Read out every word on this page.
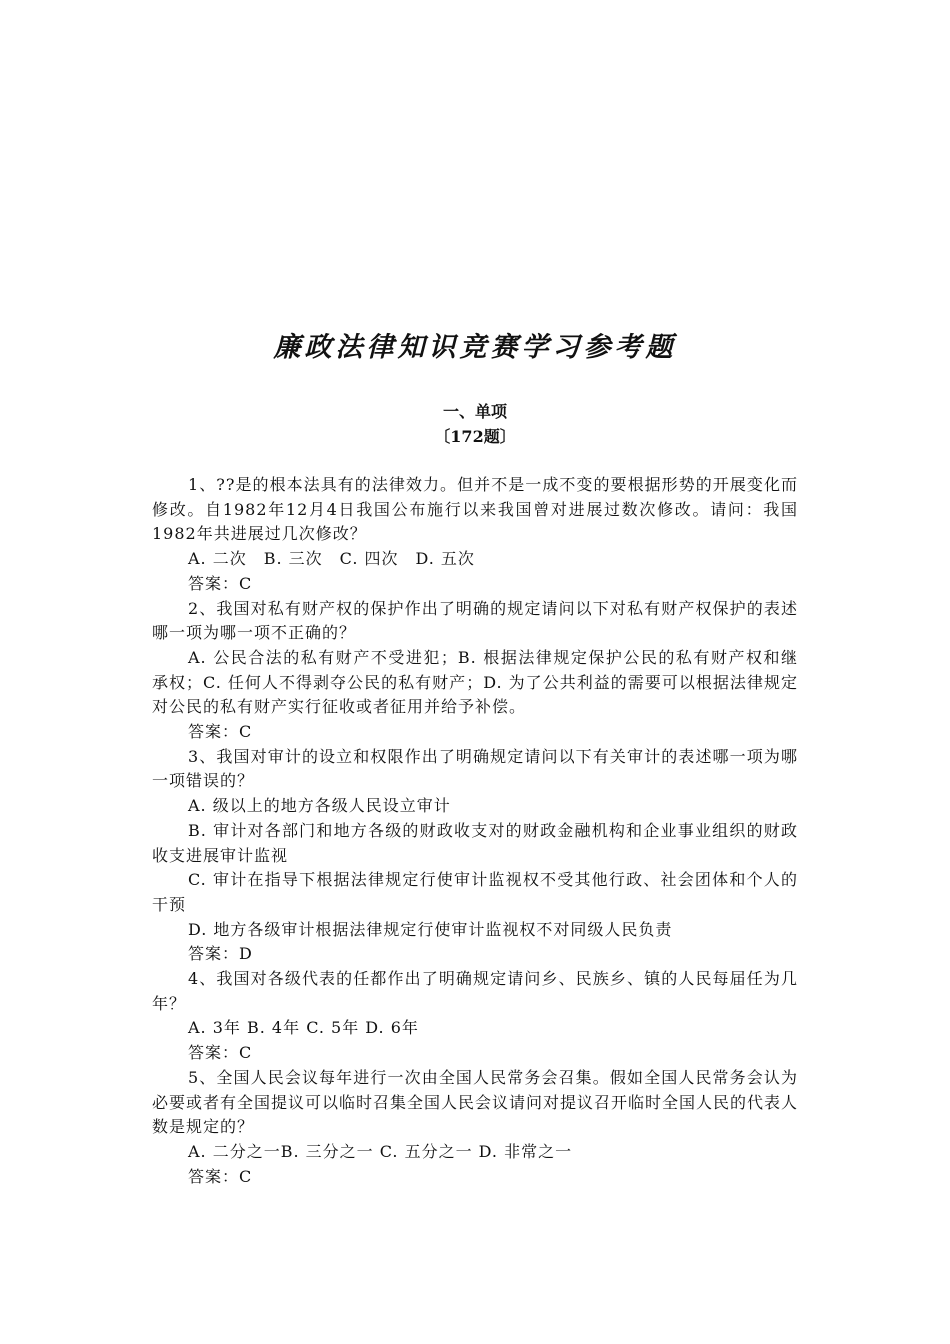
廉政法律知识竞赛学习参考题
一、单项
〔172题〕

1、??是的根本法具有的法律效力。但并不是一成不变的要根据形势的开展变化而修改。自1982年12月4日我国公布施行以来我国曾对进展过数次修改。请问：我国1982年共进展过几次修改？

A. 二次　B. 三次　C. 四次　D. 五次

答案：C

2、我国对私有财产权的保护作出了明确的规定请问以下对私有财产权保护的表述哪一项为哪一项不正确的？

A. 公民合法的私有财产不受进犯；B. 根据法律规定保护公民的私有财产权和继承权；C. 任何人不得剥夺公民的私有财产；D. 为了公共利益的需要可以根据法律规定对公民的私有财产实行征收或者征用并给予补偿。

答案：C

3、我国对审计的设立和权限作出了明确规定请问以下有关审计的表述哪一项为哪一项错误的？

A. 级以上的地方各级人民设立审计

B. 审计对各部门和地方各级的财政收支对的财政金融机构和企业事业组织的财政收支进展审计监视

C. 审计在指导下根据法律规定行使审计监视权不受其他行政、社会团体和个人的干预

D. 地方各级审计根据法律规定行使审计监视权不对同级人民负责

答案：D

4、我国对各级代表的任都作出了明确规定请问乡、民族乡、镇的人民每届任为几年？

A. 3年 B. 4年 C. 5年 D. 6年

答案：C

5、全国人民会议每年进行一次由全国人民常务会召集。假如全国人民常务会认为必要或者有全国提议可以临时召集全国人民会议请问对提议召开临时全国人民的代表人数是规定的？

A. 二分之一B. 三分之一 C. 五分之一 D. 非常之一

答案：C
